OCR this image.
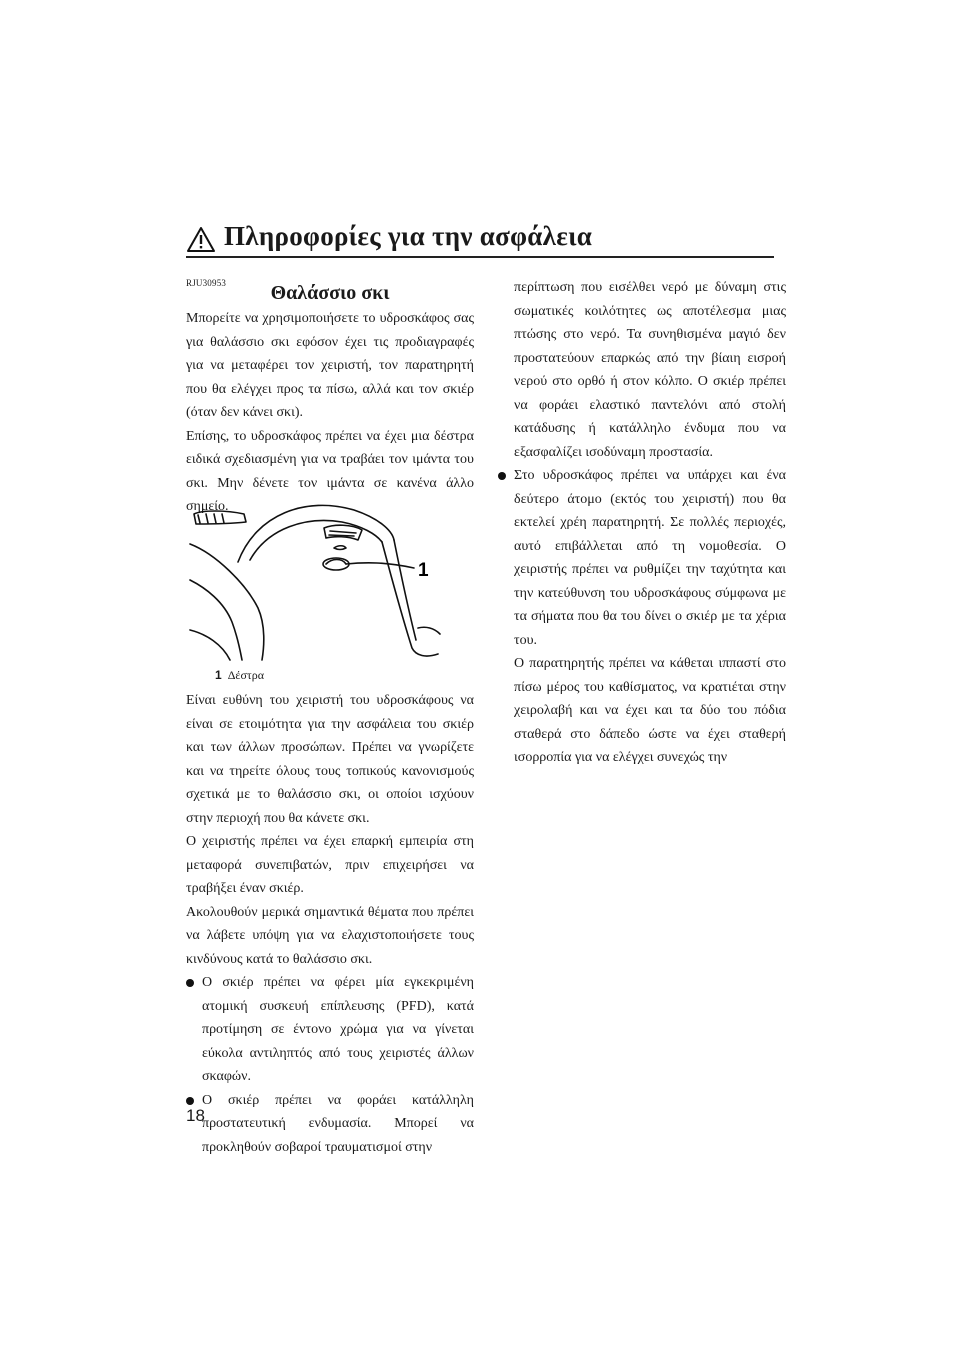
Πληροφορίες για την ασφάλεια
RJU30953	Θαλάσσιο σκι

Μπορείτε να χρησιμοποιήσετε το υδροσκάφος σας για θαλάσσιο σκι εφόσον έχει τις προδιαγραφές για να μεταφέρει τον χειριστή, τον παρατηρητή που θα ελέγχει προς τα πίσω, αλλά και τον σκιέρ (όταν δεν κάνει σκι).

Επίσης, το υδροσκάφος πρέπει να έχει μια δέστρα ειδικά σχεδιασμένη για να τραβάει τον ιμάντα του σκι. Μην δένετε τον ιμάντα σε κανένα άλλο σημείο.

1
1 Δέστρα

Είναι ευθύνη του χειριστή του υδροσκάφους να είναι σε ετοιμότητα για την ασφάλεια του σκιέρ και των άλλων προσώπων. Πρέπει να γνωρίζετε και να τηρείτε όλους τους τοπικούς κανονισμούς σχετικά με το θαλάσσιο σκι, οι οποίοι ισχύουν στην περιοχή που θα κάνετε σκι.

Ο χειριστής πρέπει να έχει επαρκή εμπειρία στη μεταφορά συνεπιβατών, πριν επιχειρήσει να τραβήξει έναν σκιέρ.

Ακολουθούν μερικά σημαντικά θέματα που πρέπει να λάβετε υπόψη για να ελαχιστοποιήσετε τους κινδύνους κατά το θαλάσσιο σκι.

Ο σκιέρ πρέπει να φέρει μία εγκεκριμένη ατομική συσκευή επίπλευσης (PFD), κατά προτίμηση σε έντονο χρώμα για να γίνεται εύκολα αντιληπτός από τους χειριστές άλλων σκαφών.
Ο σκιέρ πρέπει να φοράει κατάλληλη προστατευτική ενδυμασία. Μπορεί να προκληθούν σοβαροί τραυματισμοί στην
περίπτωση που εισέλθει νερό με δύναμη στις σωματικές κοιλότητες ως αποτέλεσμα μιας πτώσης στο νερό. Τα συνηθισμένα μαγιό δεν προστατεύουν επαρκώς από την βίαιη εισροή νερού στο ορθό ή στον κόλπο. Ο σκιέρ πρέπει να φοράει ελαστικό παντελόνι από στολή κατάδυσης ή κατάλληλο ένδυμα που να εξασφαλίζει ισοδύναμη προστασία.
Στο υδροσκάφος πρέπει να υπάρχει και ένα δεύτερο άτομο (εκτός του χειριστή) που θα εκτελεί χρέη παρατηρητή. Σε πολλές περιοχές, αυτό επιβάλλεται από τη νομοθεσία. Ο χειριστής πρέπει να ρυθμίζει την ταχύτητα και την κατεύθυνση του υδροσκάφους σύμφωνα με τα σήματα που θα του δίνει ο σκιέρ με τα χέρια του.
Ο παρατηρητής πρέπει να κάθεται ιππαστί στο πίσω μέρος του καθίσματος, να κρατιέται στην χειρολαβή και να έχει και τα δύο του πόδια σταθερά στο δάπεδο ώστε να έχει σταθερή ισορροπία για να ελέγχει συνεχώς την
18
